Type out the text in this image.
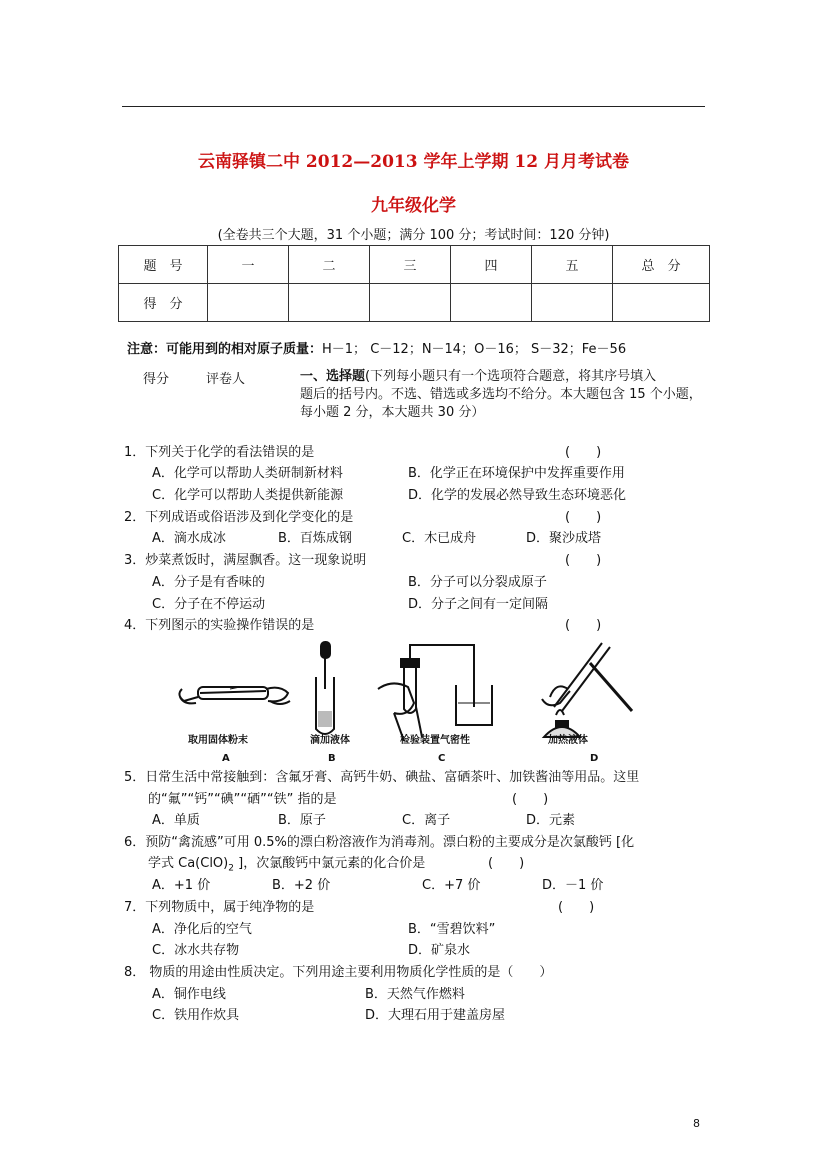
云南驿镇二中 2012—2013 学年上学期 12 月月考试卷
九年级化学
(全卷共三个大题，31 个小题；满分 100 分；考试时间：120 分钟)
题　号	一	二	三	四	五	总　分
得　分						
注意：可能用到的相对原子质量：H－1； C－12；N－14；O－16； S－32；Fe－56
得分	评卷人	一、选择题(下列每小题只有一个选项符合题意，将其序号填入
题后的括号内。不选、错选或多选均不给分。本大题包含 15 个小题，
每小题 2 分，本大题共 30 分）
1．下列关于化学的看法错误的是	(　　)
A．化学可以帮助人类研制新材料	B．化学正在环境保护中发挥重要作用
C．化学可以帮助人类提供新能源	D．化学的发展必然导致生态环境恶化
2．下列成语或俗语涉及到化学变化的是	(　　)
A．滴水成冰	B．百炼成钢	C．木已成舟	D．聚沙成塔
3．炒菜煮饭时，满屋飘香。这一现象说明	(　　)
A．分子是有香味的	B．分子可以分裂成原子
C．分子在不停运动	D．分子之间有一定间隔
4．下列图示的实验操作错误的是	(　　)
取用固体粉末	滴加液体	检验装置气密性	加热液体
A	B	C	D
5．日常生活中常接触到：含氟牙膏、高钙牛奶、碘盐、富硒茶叶、加铁酱油等用品。这里
的“氟”“钙”“碘”“硒”“铁” 指的是	(　　)
A．单质	B．原子	C．离子	D．元素
6．预防“禽流感”可用 0.5%的漂白粉溶液作为消毒剂。漂白粉的主要成分是次氯酸钙 [化
学式 $Ca(ClO)_2$ ]，次氯酸钙中氯元素的化合价是	(　　)
A．+1 价	B．+2 价	C．+7 价	D．－1 价
7．下列物质中，属于纯净物的是	(　　)
A．净化后的空气	B．“雪碧饮料”
C．冰水共存物	D．矿泉水
8． 物质的用途由性质决定。下列用途主要利用物质化学性质的是（　　）
A．铜作电线	B．天然气作燃料
C．铁用作炊具	D．大理石用于建盖房屋
8
